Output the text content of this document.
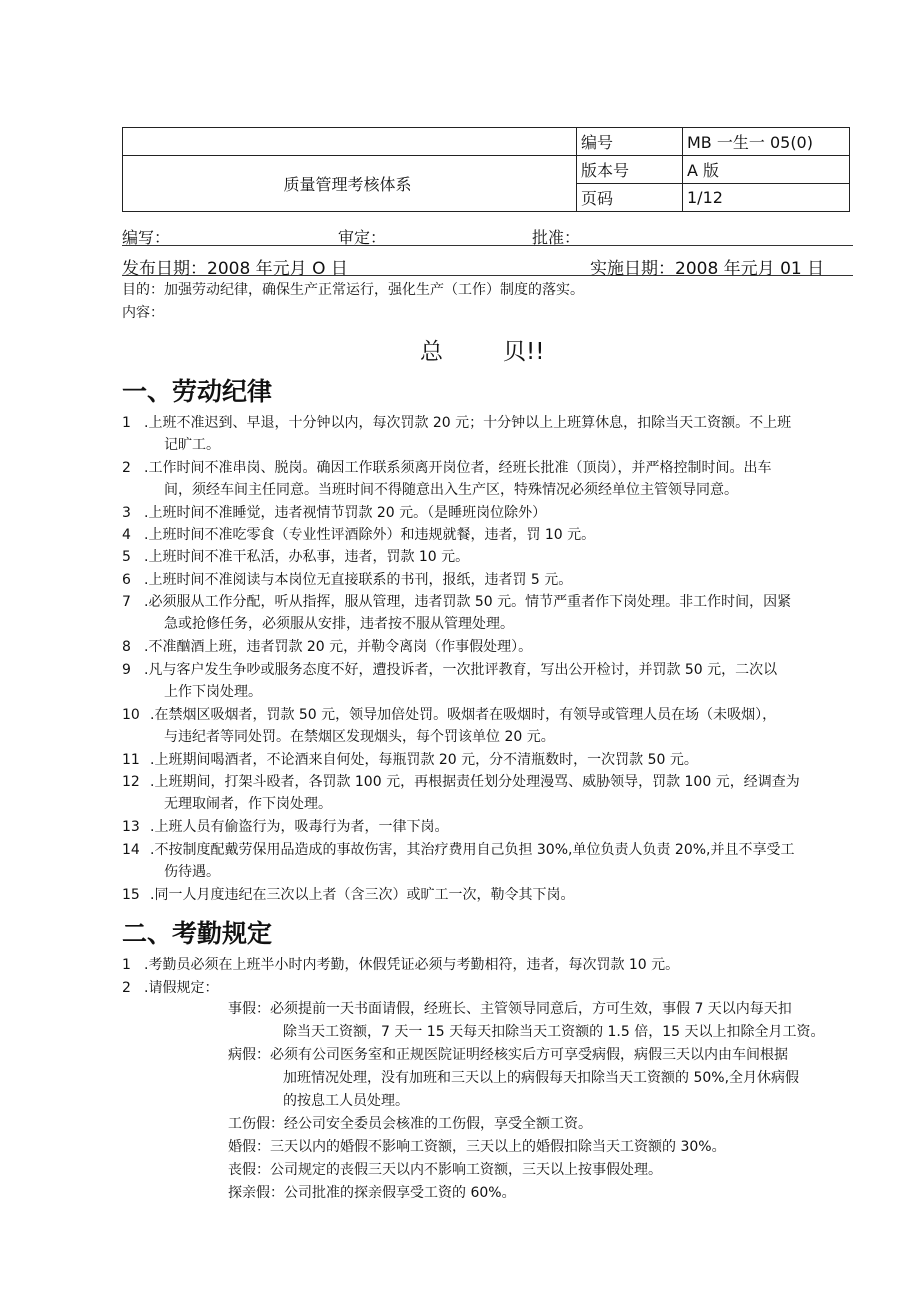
	编号	MB 一生一 05(0)
质量管理考核体系	版本号	A 版
	页码	1/12
编写：	审定：	批准：
发布日期：2008 年元月 O 日	实施日期：2008 年元月 01 日
目的：加强劳动纪律，确保生产正常运行，强化生产（工作）制度的落实。
内容：
总	贝!!
一、劳动纪律
1 .上班不准迟到、早退，十分钟以内，每次罚款 20 元；十分钟以上上班算休息，扣除当天工资额。不上班
记旷工。
2 .工作时间不准串岗、脱岗。确因工作联系须离开岗位者，经班长批准（顶岗），并严格控制时间。出车
间，须经车间主任同意。当班时间不得随意出入生产区，特殊情况必须经单位主管领导同意。
3 .上班时间不准睡觉，违者视情节罚款 20 元。（是睡班岗位除外）
4 .上班时间不准吃零食（专业性评酒除外）和违规就餐，违者，罚 10 元。
5 .上班时间不准干私活，办私事，违者，罚款 10 元。
6 .上班时间不准阅读与本岗位无直接联系的书刊，报纸，违者罚 5 元。
7 .必须服从工作分配，听从指挥，服从管理，违者罚款 50 元。情节严重者作下岗处理。非工作时间，因紧
急或抢修任务，必须服从安排，违者按不服从管理处理。
8 .不准酗酒上班，违者罚款 20 元，并勒令离岗（作事假处理）。
9 .凡与客户发生争吵或服务态度不好，遭投诉者，一次批评教育，写出公开检讨，并罚款 50 元，二次以
上作下岗处理。
10 .在禁烟区吸烟者，罚款 50 元，领导加倍处罚。吸烟者在吸烟时，有领导或管理人员在场（未吸烟），
与违纪者等同处罚。在禁烟区发现烟头，每个罚该单位 20 元。
11 .上班期间喝酒者，不论酒来自何处，每瓶罚款 20 元，分不清瓶数时，一次罚款 50 元。
12 .上班期间，打架斗殴者，各罚款 100 元，再根据责任划分处理漫骂、威胁领导，罚款 100 元，经调查为
无理取闹者，作下岗处理。
13 .上班人员有偷盗行为，吸毒行为者，一律下岗。
14 .不按制度配戴劳保用品造成的事故伤害，其治疗费用自己负担 30%,单位负责人负责 20%,并且不享受工
伤待遇。
15 .同一人月度违纪在三次以上者（含三次）或旷工一次，勒令其下岗。
二、考勤规定
1 .考勤员必须在上班半小时内考勤，休假凭证必须与考勤相符，违者，每次罚款 10 元。
2 .请假规定：
事假：必须提前一天书面请假，经班长、主管领导同意后，方可生效，事假 7 天以内每天扣
除当天工资额，7 天一 15 天每天扣除当天工资额的 1.5 倍，15 天以上扣除全月工资。
病假：必须有公司医务室和正规医院证明经核实后方可享受病假，病假三天以内由车间根据
加班情况处理，没有加班和三天以上的病假每天扣除当天工资额的 50%,全月休病假
的按息工人员处理。
工伤假：经公司安全委员会核准的工伤假，享受全额工资。
婚假：三天以内的婚假不影响工资额，三天以上的婚假扣除当天工资额的 30%。
丧假：公司规定的丧假三天以内不影响工资额，三天以上按事假处理。
探亲假：公司批准的探亲假享受工资的 60%。
